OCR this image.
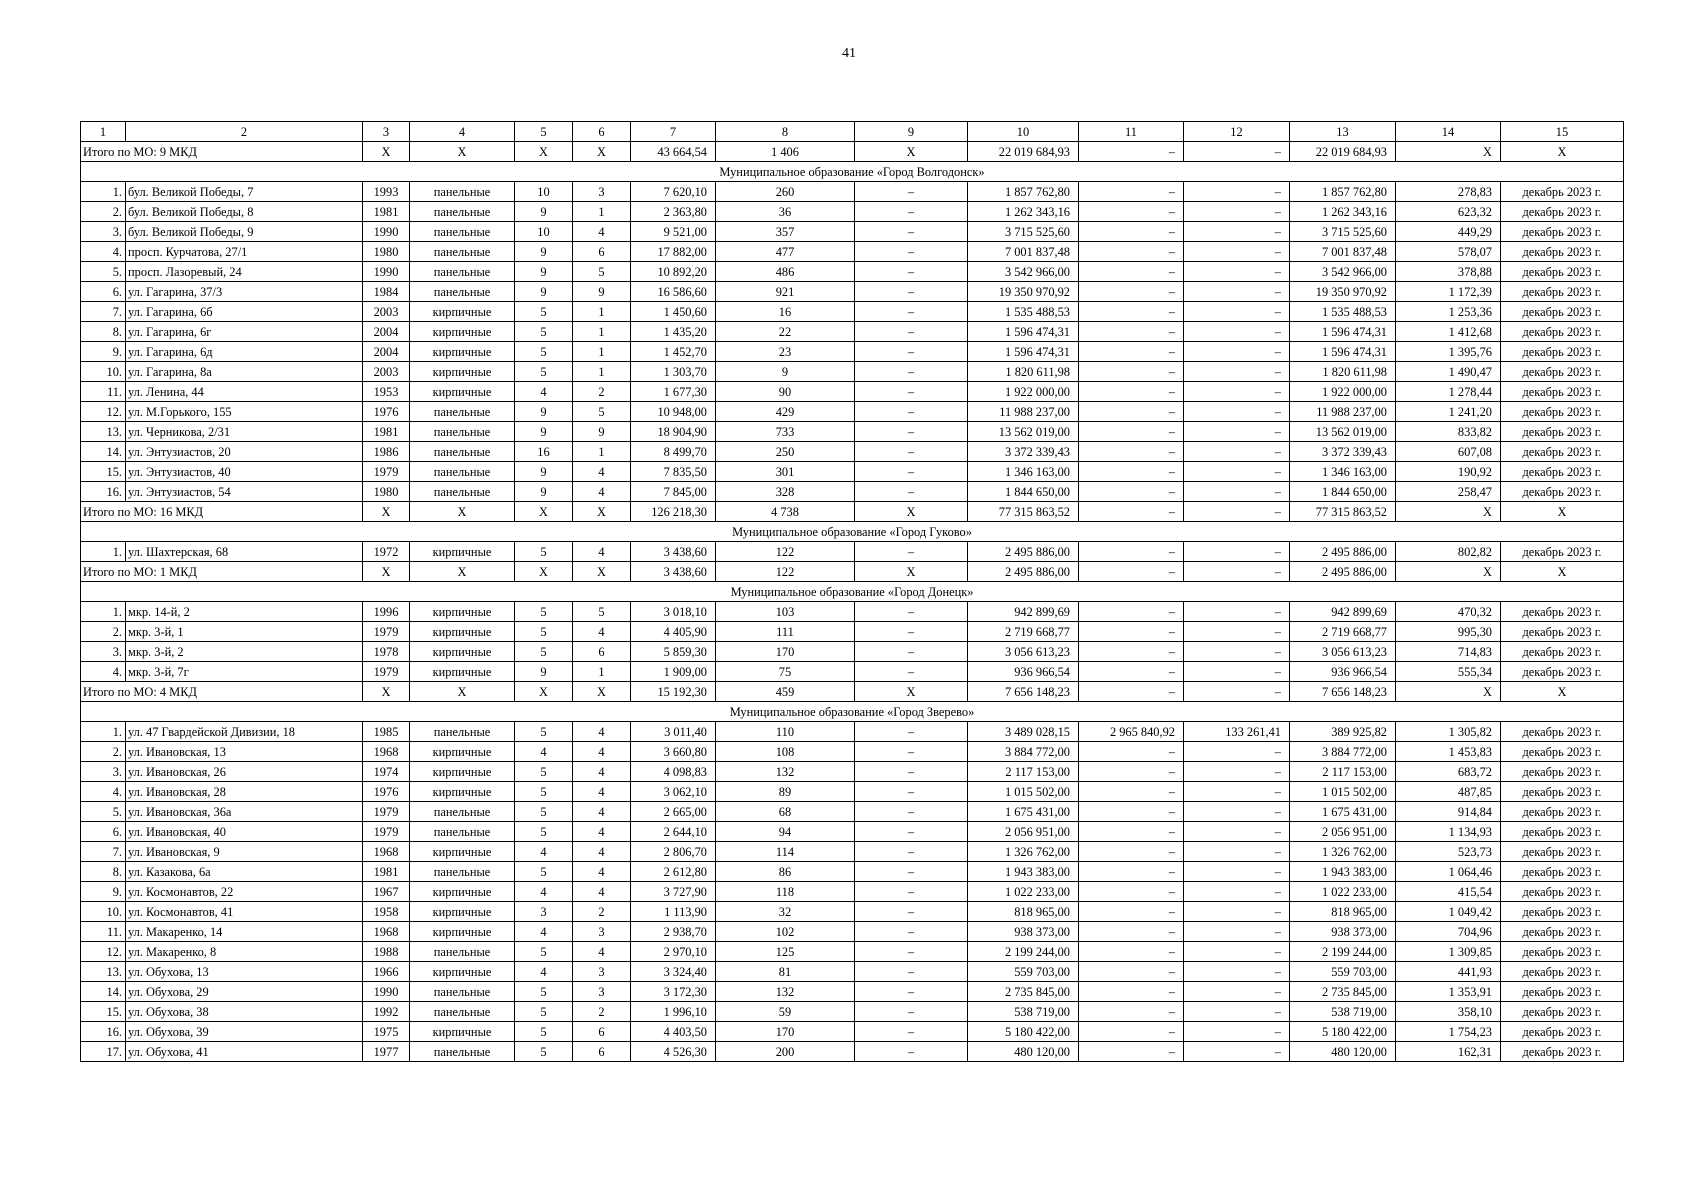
41
1	2	3	4	5	6	7	8	9	10	11	12	13	14	15
Итого по МО: 9 МКД		X	X	X	X	43 664,54	1 406	X	22 019 684,93	–	–	22 019 684,93	X	X
Муниципальное образование «Город Волгодонск»														
1.	бул. Великой Победы, 7	1993	панельные	10	3	7 620,10	260	–	1 857 762,80	–	–	1 857 762,80	278,83	декабрь 2023 г.
2.	бул. Великой Победы, 8	1981	панельные	9	1	2 363,80	36	–	1 262 343,16	–	–	1 262 343,16	623,32	декабрь 2023 г.
3.	бул. Великой Победы, 9	1990	панельные	10	4	9 521,00	357	–	3 715 525,60	–	–	3 715 525,60	449,29	декабрь 2023 г.
4.	просп. Курчатова, 27/1	1980	панельные	9	6	17 882,00	477	–	7 001 837,48	–	–	7 001 837,48	578,07	декабрь 2023 г.
5.	просп. Лазоревый, 24	1990	панельные	9	5	10 892,20	486	–	3 542 966,00	–	–	3 542 966,00	378,88	декабрь 2023 г.
6.	ул. Гагарина, 37/3	1984	панельные	9	9	16 586,60	921	–	19 350 970,92	–	–	19 350 970,92	1 172,39	декабрь 2023 г.
7.	ул. Гагарина, 6б	2003	кирпичные	5	1	1 450,60	16	–	1 535 488,53	–	–	1 535 488,53	1 253,36	декабрь 2023 г.
8.	ул. Гагарина, 6г	2004	кирпичные	5	1	1 435,20	22	–	1 596 474,31	–	–	1 596 474,31	1 412,68	декабрь 2023 г.
9.	ул. Гагарина, 6д	2004	кирпичные	5	1	1 452,70	23	–	1 596 474,31	–	–	1 596 474,31	1 395,76	декабрь 2023 г.
10.	ул. Гагарина, 8а	2003	кирпичные	5	1	1 303,70	9	–	1 820 611,98	–	–	1 820 611,98	1 490,47	декабрь 2023 г.
11.	ул. Ленина, 44	1953	кирпичные	4	2	1 677,30	90	–	1 922 000,00	–	–	1 922 000,00	1 278,44	декабрь 2023 г.
12.	ул. М.Горького, 155	1976	панельные	9	5	10 948,00	429	–	11 988 237,00	–	–	11 988 237,00	1 241,20	декабрь 2023 г.
13.	ул. Черникова, 2/31	1981	панельные	9	9	18 904,90	733	–	13 562 019,00	–	–	13 562 019,00	833,82	декабрь 2023 г.
14.	ул. Энтузиастов, 20	1986	панельные	16	1	8 499,70	250	–	3 372 339,43	–	–	3 372 339,43	607,08	декабрь 2023 г.
15.	ул. Энтузиастов, 40	1979	панельные	9	4	7 835,50	301	–	1 346 163,00	–	–	1 346 163,00	190,92	декабрь 2023 г.
16.	ул. Энтузиастов, 54	1980	панельные	9	4	7 845,00	328	–	1 844 650,00	–	–	1 844 650,00	258,47	декабрь 2023 г.
Итого по МО: 16 МКД		X	X	X	X	126 218,30	4 738	X	77 315 863,52	–	–	77 315 863,52	X	X
Муниципальное образование «Город Гуково»														
1.	ул. Шахтерская, 68	1972	кирпичные	5	4	3 438,60	122	–	2 495 886,00	–	–	2 495 886,00	802,82	декабрь 2023 г.
Итого по МО: 1 МКД		X	X	X	X	3 438,60	122	X	2 495 886,00	–	–	2 495 886,00	X	X
Муниципальное образование «Город Донецк»														
1.	мкр. 14-й, 2	1996	кирпичные	5	5	3 018,10	103	–	942 899,69	–	–	942 899,69	470,32	декабрь 2023 г.
2.	мкр. 3-й, 1	1979	кирпичные	5	4	4 405,90	111	–	2 719 668,77	–	–	2 719 668,77	995,30	декабрь 2023 г.
3.	мкр. 3-й, 2	1978	кирпичные	5	6	5 859,30	170	–	3 056 613,23	–	–	3 056 613,23	714,83	декабрь 2023 г.
4.	мкр. 3-й, 7г	1979	кирпичные	9	1	1 909,00	75	–	936 966,54	–	–	936 966,54	555,34	декабрь 2023 г.
Итого по МО: 4 МКД		X	X	X	X	15 192,30	459	X	7 656 148,23	–	–	7 656 148,23	X	X
Муниципальное образование «Город Зверево»														
1.	ул. 47 Гвардейской Дивизии, 18	1985	панельные	5	4	3 011,40	110	–	3 489 028,15	2 965 840,92	133 261,41	389 925,82	1 305,82	декабрь 2023 г.
2.	ул. Ивановская, 13	1968	кирпичные	4	4	3 660,80	108	–	3 884 772,00	–	–	3 884 772,00	1 453,83	декабрь 2023 г.
3.	ул. Ивановская, 26	1974	кирпичные	5	4	4 098,83	132	–	2 117 153,00	–	–	2 117 153,00	683,72	декабрь 2023 г.
4.	ул. Ивановская, 28	1976	кирпичные	5	4	3 062,10	89	–	1 015 502,00	–	–	1 015 502,00	487,85	декабрь 2023 г.
5.	ул. Ивановская, 36а	1979	панельные	5	4	2 665,00	68	–	1 675 431,00	–	–	1 675 431,00	914,84	декабрь 2023 г.
6.	ул. Ивановская, 40	1979	панельные	5	4	2 644,10	94	–	2 056 951,00	–	–	2 056 951,00	1 134,93	декабрь 2023 г.
7.	ул. Ивановская, 9	1968	кирпичные	4	4	2 806,70	114	–	1 326 762,00	–	–	1 326 762,00	523,73	декабрь 2023 г.
8.	ул. Казакова, 6а	1981	панельные	5	4	2 612,80	86	–	1 943 383,00	–	–	1 943 383,00	1 064,46	декабрь 2023 г.
9.	ул. Космонавтов, 22	1967	кирпичные	4	4	3 727,90	118	–	1 022 233,00	–	–	1 022 233,00	415,54	декабрь 2023 г.
10.	ул. Космонавтов, 41	1958	кирпичные	3	2	1 113,90	32	–	818 965,00	–	–	818 965,00	1 049,42	декабрь 2023 г.
11.	ул. Макаренко, 14	1968	кирпичные	4	3	2 938,70	102	–	938 373,00	–	–	938 373,00	704,96	декабрь 2023 г.
12.	ул. Макаренко, 8	1988	панельные	5	4	2 970,10	125	–	2 199 244,00	–	–	2 199 244,00	1 309,85	декабрь 2023 г.
13.	ул. Обухова, 13	1966	кирпичные	4	3	3 324,40	81	–	559 703,00	–	–	559 703,00	441,93	декабрь 2023 г.
14.	ул. Обухова, 29	1990	панельные	5	3	3 172,30	132	–	2 735 845,00	–	–	2 735 845,00	1 353,91	декабрь 2023 г.
15.	ул. Обухова, 38	1992	панельные	5	2	1 996,10	59	–	538 719,00	–	–	538 719,00	358,10	декабрь 2023 г.
16.	ул. Обухова, 39	1975	кирпичные	5	6	4 403,50	170	–	5 180 422,00	–	–	5 180 422,00	1 754,23	декабрь 2023 г.
17.	ул. Обухова, 41	1977	панельные	5	6	4 526,30	200	–	480 120,00	–	–	480 120,00	162,31	декабрь 2023 г.
